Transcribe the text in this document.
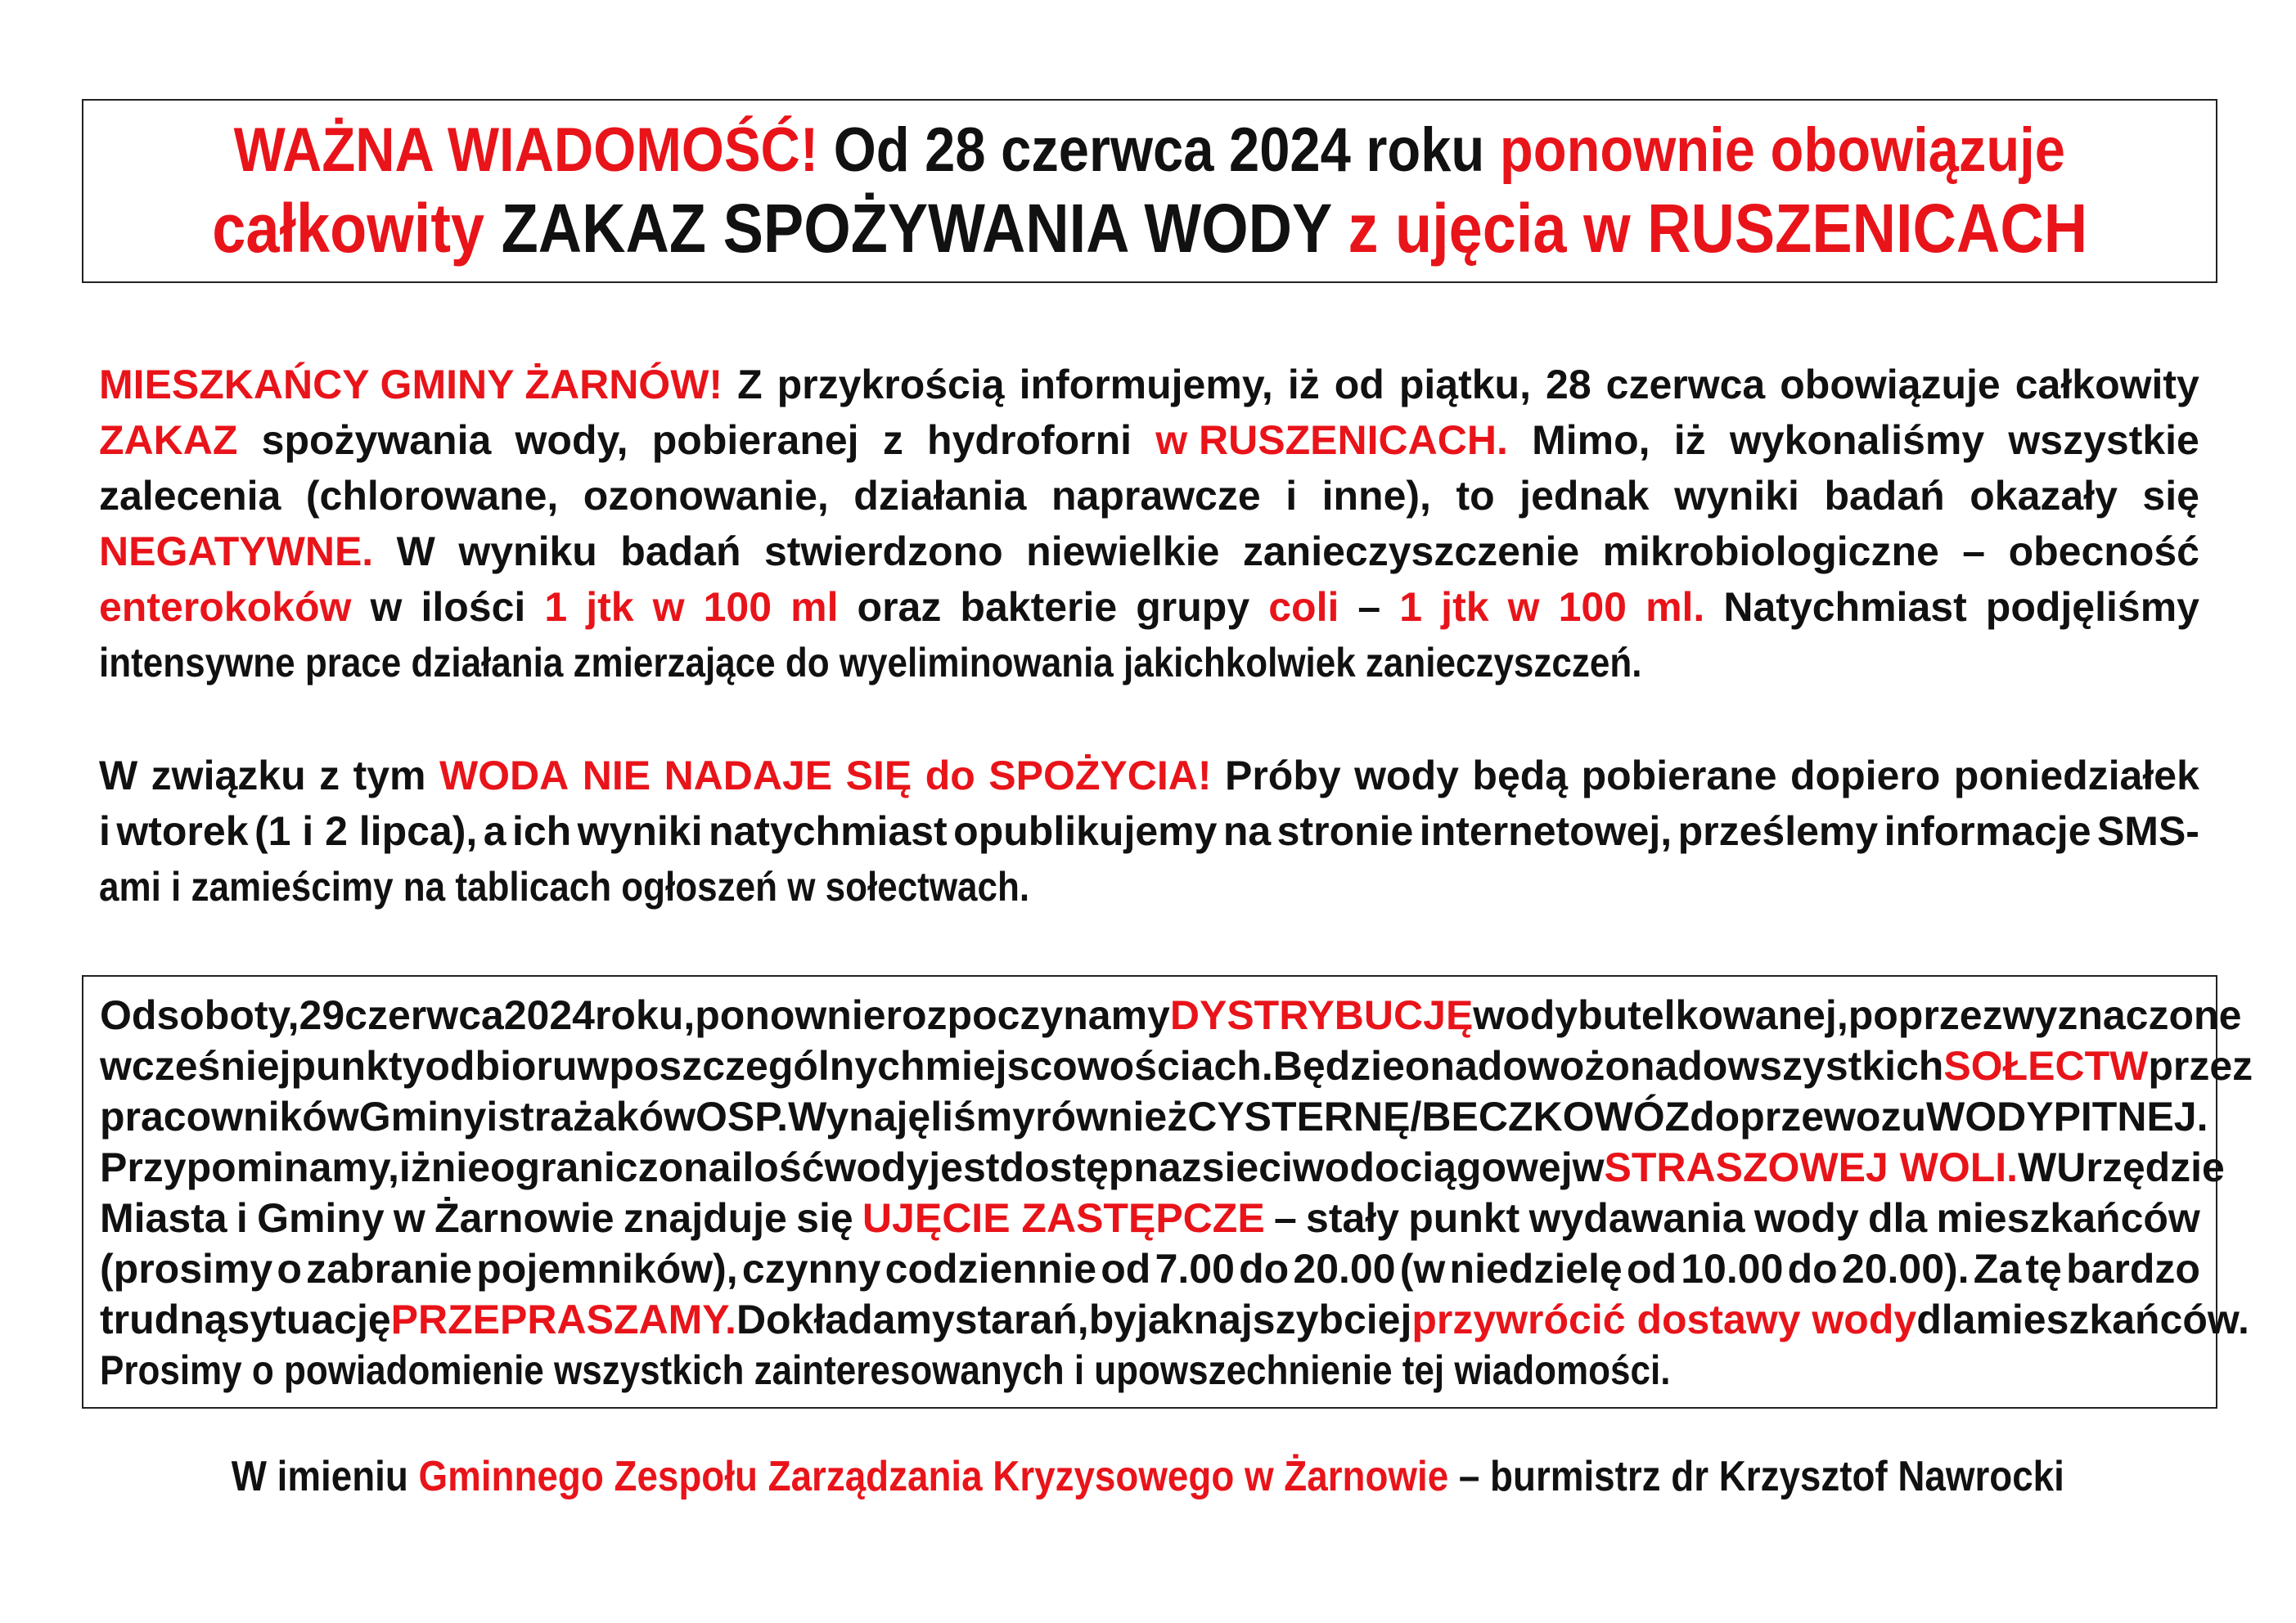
WAŻNA WIADOMOŚĆ! Od 28 czerwca 2024 roku ponownie obowiązuje
całkowity ZAKAZ SPOŻYWANIA WODY z ujęcia w RUSZENICACH
MIESZKAŃCY GMINY ŻARNÓW! Z przykrością informujemy, iż od piątku, 28 czerwca obowiązuje całkowity
ZAKAZ spożywania wody, pobieranej z hydroforni w RUSZENICACH. Mimo, iż wykonaliśmy wszystkie
zalecenia (chlorowane, ozonowanie, działania naprawcze i inne), to jednak wyniki badań okazały się
NEGATYWNE. W wyniku badań stwierdzono niewielkie zanieczyszczenie mikrobiologiczne – obecność
enterokoków w ilości 1 jtk w 100 ml oraz bakterie grupy coli – 1 jtk w 100 ml. Natychmiast podjęliśmy
intensywne prace działania zmierzające do wyeliminowania jakichkolwiek zanieczyszczeń.
W związku z tym WODA NIE NADAJE SIĘ do SPOŻYCIA! Próby wody będą pobierane dopiero poniedziałek
i wtorek (1 i 2 lipca), a ich wyniki natychmiast opublikujemy na stronie internetowej, prześlemy informacje SMS-
ami i zamieścimy na tablicach ogłoszeń w sołectwach.
Od soboty, 29 czerwca 2024 roku, ponownie rozpoczynamy DYSTRYBUCJĘ wody butelkowanej, poprzez wyznaczone
wcześniej punkty odbioru w poszczególnych miejscowościach. Będzie ona dowożona do wszystkich SOŁECTW przez
pracowników Gminy i strażaków OSP. Wynajęliśmy również CYSTERNĘ / BECZKOWÓZ do przewozu WODY PITNEJ.
Przypominamy, iż nieograniczona ilość wody jest dostępna z sieci wodociągowej w STRASZOWEJ WOLI. W Urzędzie
Miasta i Gminy w Żarnowie znajduje się UJĘCIE ZASTĘPCZE – stały punkt wydawania wody dla mieszkańców
(prosimy o zabranie pojemników), czynny codziennie od 7.00 do 20.00 (w niedzielę od 10.00 do 20.00). Za tę bardzo
trudną sytuację PRZEPRASZAMY. Dokładamy starań, by jak najszybciej przywrócić dostawy wody dla mieszkańców.
Prosimy o powiadomienie wszystkich zainteresowanych i upowszechnienie tej wiadomości.
W imieniu Gminnego Zespołu Zarządzania Kryzysowego w Żarnowie – burmistrz dr Krzysztof Nawrocki
